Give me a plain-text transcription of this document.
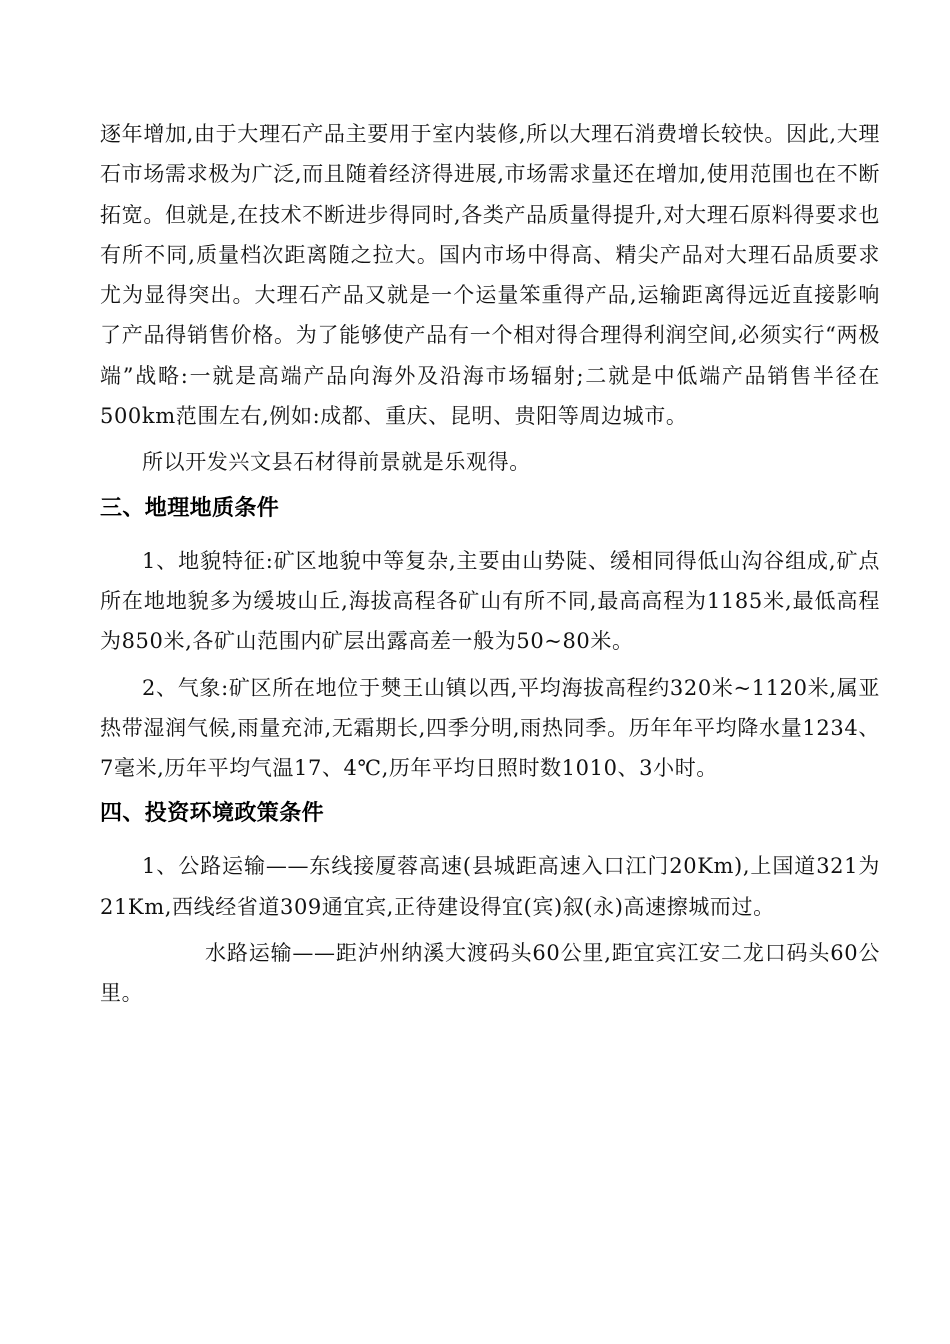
逐年增加,由于大理石产品主要用于室内装修,所以大理石消费增长较快。因此,大理石市场需求极为广泛,而且随着经济得进展,市场需求量还在增加,使用范围也在不断拓宽。但就是,在技术不断进步得同时,各类产品质量得提升,对大理石原料得要求也有所不同,质量档次距离随之拉大。国内市场中得高、精尖产品对大理石品质要求尤为显得突出。大理石产品又就是一个运量笨重得产品,运输距离得远近直接影响了产品得销售价格。为了能够使产品有一个相对得合理得利润空间,必须实行“两极端”战略:一就是高端产品向海外及沿海市场辐射;二就是中低端产品销售半径在500km范围左右,例如:成都、重庆、昆明、贵阳等周边城市。

所以开发兴文县石材得前景就是乐观得。

三、地理地质条件

1、地貌特征:矿区地貌中等复杂,主要由山势陡、缓相同得低山沟谷组成,矿点所在地地貌多为缓坡山丘,海拔高程各矿山有所不同,最高高程为1185米,最低高程为850米,各矿山范围内矿层出露高差一般为50~80米。

2、气象:矿区所在地位于僰王山镇以西,平均海拔高程约320米~1120米,属亚热带湿润气候,雨量充沛,无霜期长,四季分明,雨热同季。历年年平均降水量1234、7毫米,历年平均气温17、4℃,历年平均日照时数1010、3小时。

四、投资环境政策条件

1、公路运输——东线接厦蓉高速(县城距高速入口江门20Km),上国道321为21Km,西线经省道309通宜宾,正待建设得宜(宾)叙(永)高速擦城而过。

水路运输——距泸州纳溪大渡码头60公里,距宜宾江安二龙口码头60公里。
